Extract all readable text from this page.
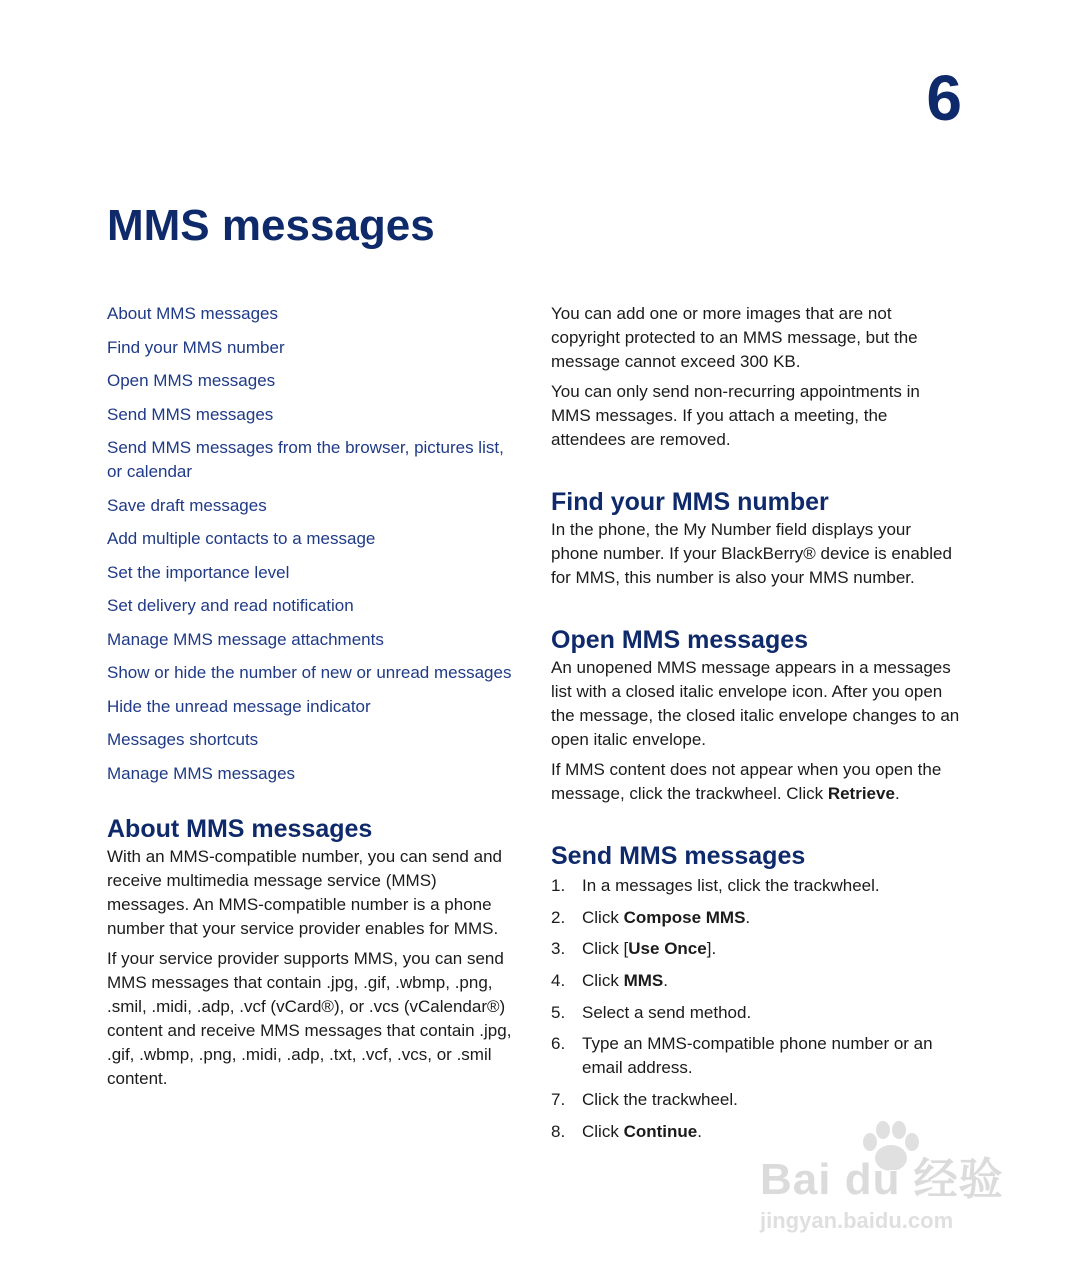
6
MMS messages
About MMS messages
Find your MMS number
Open MMS messages
Send MMS messages
Send MMS messages from the browser, pictures list, or calendar
Save draft messages
Add multiple contacts to a message
Set the importance level
Set delivery and read notification
Manage MMS message attachments
Show or hide the number of new or unread messages
Hide the unread message indicator
Messages shortcuts
Manage MMS messages
About MMS messages

With an MMS-compatible number, you can send and receive multimedia message service (MMS) messages. An MMS-compatible number is a phone number that your service provider enables for MMS.

If your service provider supports MMS, you can send MMS messages that contain .jpg, .gif, .wbmp, .png, .smil, .midi, .adp, .vcf (vCard®), or .vcs (vCalendar®) content and receive MMS messages that contain .jpg, .gif, .wbmp, .png, .midi, .adp, .txt, .vcf, .vcs, or .smil content.

You can add one or more images that are not copyright protected to an MMS message, but the message cannot exceed 300 KB.

You can only send non-recurring appointments in MMS messages. If you attach a meeting, the attendees are removed.

Find your MMS number

In the phone, the My Number field displays your phone number. If your BlackBerry® device is enabled for MMS, this number is also your MMS number.

Open MMS messages

An unopened MMS message appears in a messages list with a closed italic envelope icon. After you open the message, the closed italic envelope changes to an open italic envelope.

If MMS content does not appear when you open the message, click the trackwheel. Click Retrieve.

Send MMS messages
1. In a messages list, click the trackwheel.
2. Click Compose MMS.
3. Click [Use Once].
4. Click MMS.
5. Select a send method.
6. Type an MMS-compatible phone number or an email address.
7. Click the trackwheel.
8. Click Continue.
Bai du 经验
jingyan.baidu.com
